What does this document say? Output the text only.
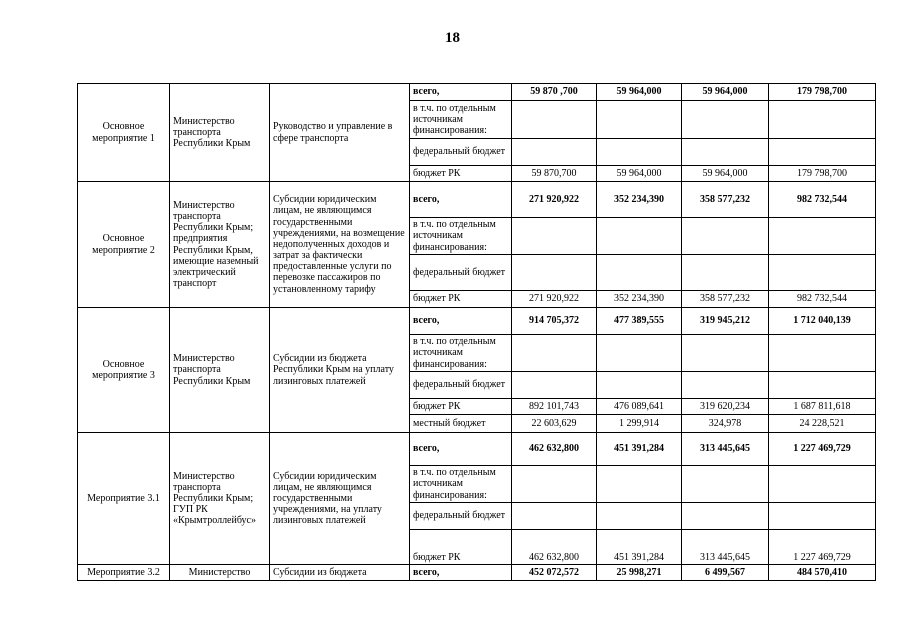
18
Основное мероприятие 1	Министерство транспорта Республики Крым	Руководство и управление в сфере транспорта	всего,	59 870 ,700	59 964,000	59 964,000	179 798,700
			в т.ч. по отдельным источникам финансирования:				
			федеральный бюджет				
			бюджет РК	59 870,700	59 964,000	59 964,000	179 798,700
Основное мероприятие 2	Министерство транспорта Республики Крым; предприятия Республики Крым, имеющие наземный электрический транспорт	Субсидии юридическим лицам, не являющимся государственными учреждениями, на возмещение недополученных доходов и затрат за фактически предоставленные услуги по перевозке пассажиров по установленному тарифу	всего,	271 920,922	352 234,390	358 577,232	982 732,544
			в т.ч. по отдельным источникам финансирования:				
			федеральный бюджет				
			бюджет РК	271 920,922	352 234,390	358 577,232	982 732,544
Основное мероприятие 3	Министерство транспорта Республики Крым	Субсидии из бюджета Республики Крым на уплату лизинговых платежей	всего,	914 705,372	477 389,555	319 945,212	1 712 040,139
			в т.ч. по отдельным источникам финансирования:				
			федеральный бюджет				
			бюджет РК	892 101,743	476 089,641	319 620,234	1 687 811,618
			местный бюджет	22 603,629	1 299,914	324,978	24 228,521
Мероприятие 3.1	Министерство транспорта Республики Крым; ГУП РК «Крымтроллейбус»	Субсидии юридическим лицам, не являющимся государственными учреждениями, на уплату лизинговых платежей	всего,	462 632,800	451 391,284	313 445,645	1 227 469,729
			в т.ч. по отдельным источникам финансирования:				
			федеральный бюджет				
			бюджет РК	462 632,800	451 391,284	313 445,645	1 227 469,729
Мероприятие 3.2	Министерство	Субсидии из бюджета	всего,	452 072,572	25 998,271	6 499,567	484 570,410
